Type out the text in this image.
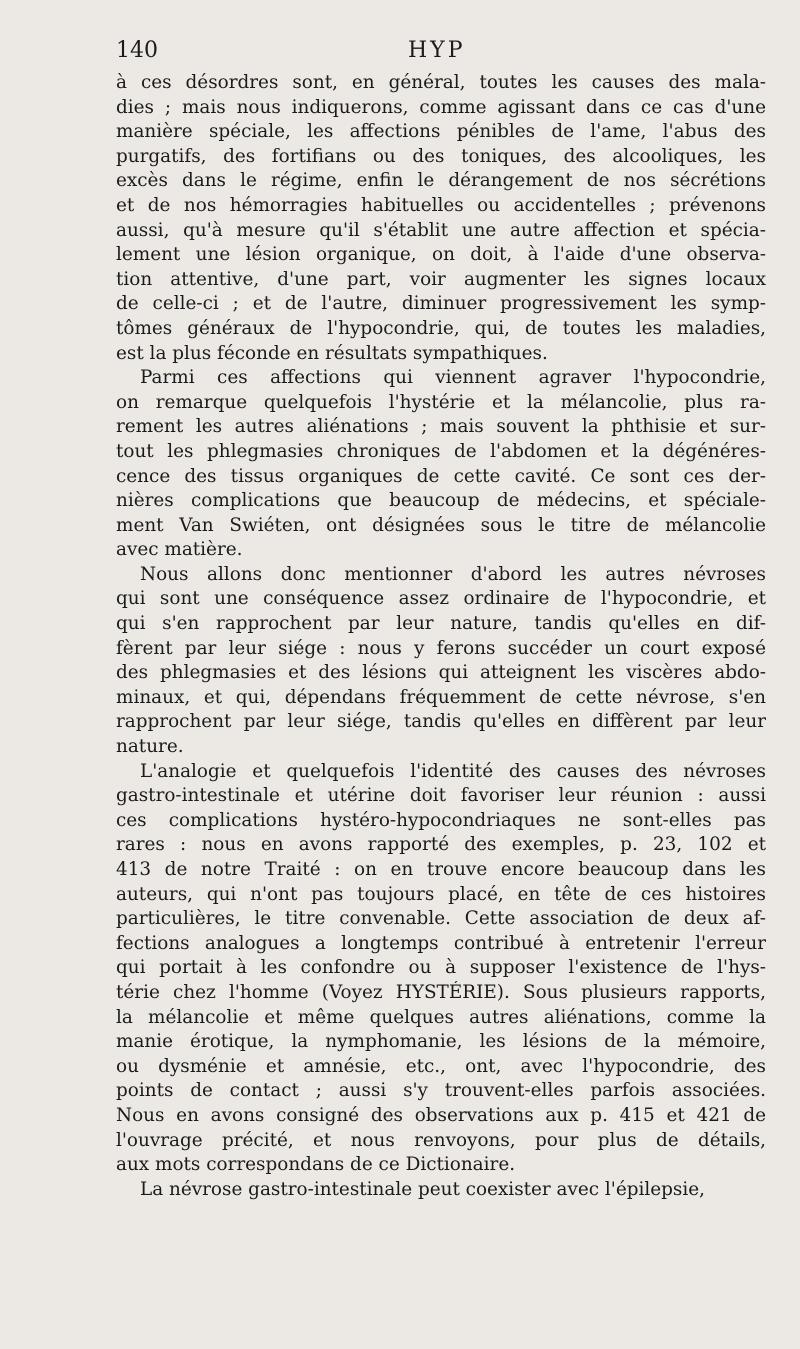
140	HYP
à ces désordres sont, en général, toutes les causes des mala-
dies ; mais nous indiquerons, comme agissant dans ce cas d'une
manière spéciale, les affections pénibles de l'ame, l'abus des
purgatifs, des fortifians ou des toniques, des alcooliques, les
excès dans le régime, enfin le dérangement de nos sécrétions
et de nos hémorragies habituelles ou accidentelles ; prévenons
aussi, qu'à mesure qu'il s'établit une autre affection et spécia-
lement une lésion organique, on doit, à l'aide d'une observa-
tion attentive, d'une part, voir augmenter les signes locaux
de celle-ci ; et de l'autre, diminuer progressivement les symp-
tômes généraux de l'hypocondrie, qui, de toutes les maladies,
est la plus féconde en résultats sympathiques.
Parmi ces affections qui viennent agraver l'hypocondrie,
on remarque quelquefois l'hystérie et la mélancolie, plus ra-
rement les autres aliénations ; mais souvent la phthisie et sur-
tout les phlegmasies chroniques de l'abdomen et la dégénéres-
cence des tissus organiques de cette cavité. Ce sont ces der-
nières complications que beaucoup de médecins, et spéciale-
ment Van Swiéten, ont désignées sous le titre de mélancolie
avec matière.
Nous allons donc mentionner d'abord les autres névroses
qui sont une conséquence assez ordinaire de l'hypocondrie, et
qui s'en rapprochent par leur nature, tandis qu'elles en dif-
fèrent par leur siége : nous y ferons succéder un court exposé
des phlegmasies et des lésions qui atteignent les viscères abdo-
minaux, et qui, dépendans fréquemment de cette névrose, s'en
rapprochent par leur siége, tandis qu'elles en diffèrent par leur
nature.
L'analogie et quelquefois l'identité des causes des névroses
gastro-intestinale et utérine doit favoriser leur réunion : aussi
ces complications hystéro-hypocondriaques ne sont-elles pas
rares : nous en avons rapporté des exemples, p. 23, 102 et
413 de notre Traité : on en trouve encore beaucoup dans les
auteurs, qui n'ont pas toujours placé, en tête de ces histoires
particulières, le titre convenable. Cette association de deux af-
fections analogues a longtemps contribué à entretenir l'erreur
qui portait à les confondre ou à supposer l'existence de l'hys-
térie chez l'homme (Voyez HYSTÉRIE). Sous plusieurs rapports,
la mélancolie et même quelques autres aliénations, comme la
manie érotique, la nymphomanie, les lésions de la mémoire,
ou dysménie et amnésie, etc., ont, avec l'hypocondrie, des
points de contact ; aussi s'y trouvent-elles parfois associées.
Nous en avons consigné des observations aux p. 415 et 421 de
l'ouvrage précité, et nous renvoyons, pour plus de détails,
aux mots correspondans de ce Dictionaire.
La névrose gastro-intestinale peut coexister avec l'épilepsie,
